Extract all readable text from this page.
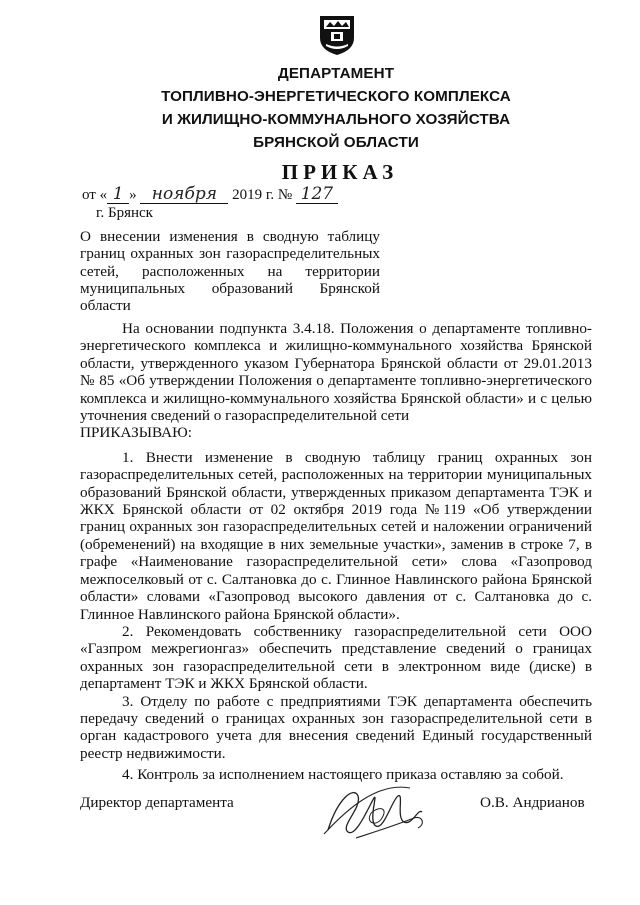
ДЕПАРТАМЕНТ
ТОПЛИВНО-ЭНЕРГЕТИЧЕСКОГО КОМПЛЕКСА
И ЖИЛИЩНО-КОММУНАЛЬНОГО ХОЗЯЙСТВА
БРЯНСКОЙ ОБЛАСТИ
ПРИКАЗ
от « 1 » ноября 2019 г. № 127
г. Брянск
О внесении изменения в сводную таблицу границ охранных зон газораспределительных сетей, расположенных на территории муниципальных образований Брянской области

На основании подпункта 3.4.18. Положения о департаменте топливно-энергетического комплекса и жилищно-коммунального хозяйства Брянской области, утвержденного указом Губернатора Брянской области от 29.01.2013 № 85 «Об утверждении Положения о департаменте топливно-энергетического комплекса и жилищно-коммунального хозяйства Брянской области» и с целью уточнения сведений о газораспределительной сети

ПРИКАЗЫВАЮ:

1. Внести изменение в сводную таблицу границ охранных зон газораспределительных сетей, расположенных на территории муниципальных образований Брянской области, утвержденных приказом департамента ТЭК и ЖКХ Брянской области от 02 октября 2019 года №119 «Об утверждении границ охранных зон газораспределительных сетей и наложении ограничений (обременений) на входящие в них земельные участки», заменив в строке 7, в графе «Наименование газораспределительной сети» слова «Газопровод межпоселковый от с. Салтановка до с. Глинное Навлинского района Брянской области» словами «Газопровод высокого давления от с. Салтановка до с. Глинное Навлинского района Брянской области».

2. Рекомендовать собственнику газораспределительной сети ООО «Газпром межрегионгаз» обеспечить представление сведений о границах охранных зон газораспределительной сети в электронном виде (диске) в департамент ТЭК и ЖКХ Брянской области.

3. Отделу по работе с предприятиями ТЭК департамента обеспечить передачу сведений о границах охранных зон газораспределительной сети в орган кадастрового учета для внесения сведений Единый государственный реестр недвижимости.

4. Контроль за исполнением настоящего приказа оставляю за собой.

Директор департамента	О.В. Андрианов
